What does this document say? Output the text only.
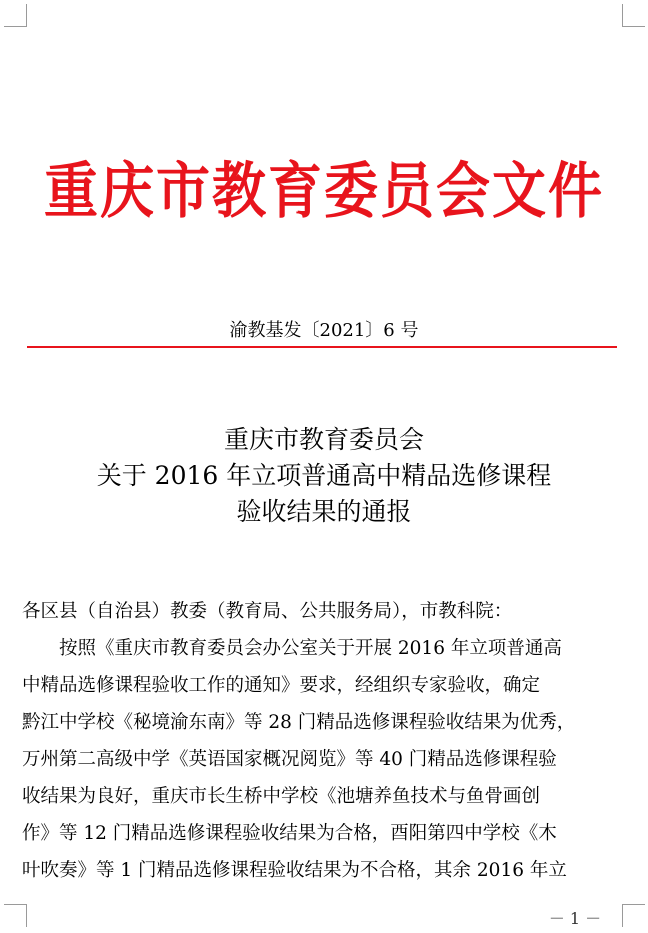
重庆市教育委员会文件
渝教基发〔2021〕6 号
重庆市教育委员会
关于 2016 年立项普通高中精品选修课程
验收结果的通报
各区县（自治县）教委（教育局、公共服务局），市教科院：
按照《重庆市教育委员会办公室关于开展 2016 年立项普通高
中精品选修课程验收工作的通知》要求，经组织专家验收，确定
黔江中学校《秘境渝东南》等 28 门精品选修课程验收结果为优秀，
万州第二高级中学《英语国家概况阅览》等 40 门精品选修课程验
收结果为良好，重庆市长生桥中学校《池塘养鱼技术与鱼骨画创
作》等 12 门精品选修课程验收结果为合格，酉阳第四中学校《木
叶吹奏》等 1 门精品选修课程验收结果为不合格，其余 2016 年立
－ 1 －
